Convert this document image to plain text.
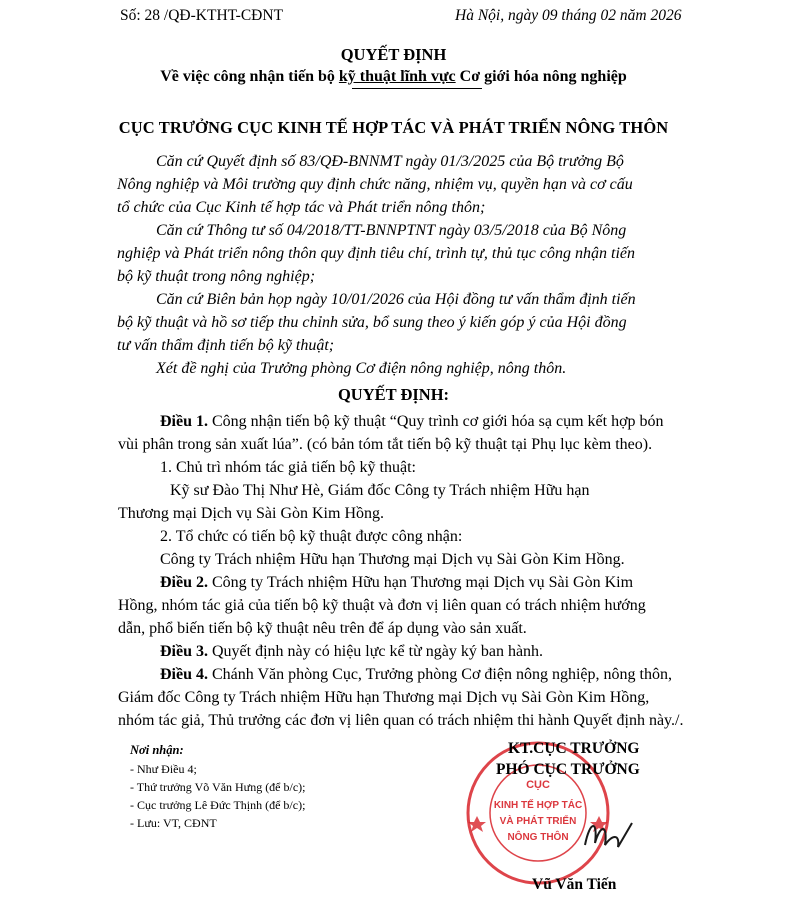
Số: 28 /QĐ-KTHT-CĐNT	Hà Nội, ngày 09 tháng 02 năm 2026
QUYẾT ĐỊNH
Về việc công nhận tiến bộ kỹ thuật lĩnh vực Cơ giới hóa nông nghiệp
CỤC TRƯỞNG CỤC KINH TẾ HỢP TÁC VÀ PHÁT TRIỂN NÔNG THÔN
Căn cứ Quyết định số 83/QĐ-BNNMT ngày 01/3/2025 của Bộ trưởng Bộ
Nông nghiệp và Môi trường quy định chức năng, nhiệm vụ, quyền hạn và cơ cấu
tổ chức của Cục Kinh tế hợp tác và Phát triển nông thôn;
Căn cứ Thông tư số 04/2018/TT-BNNPTNT ngày 03/5/2018 của Bộ Nông
nghiệp và Phát triển nông thôn quy định tiêu chí, trình tự, thủ tục công nhận tiến
bộ kỹ thuật trong nông nghiệp;
Căn cứ Biên bản họp ngày 10/01/2026 của Hội đồng tư vấn thẩm định tiến
bộ kỹ thuật và hồ sơ tiếp thu chỉnh sửa, bổ sung theo ý kiến góp ý của Hội đồng
tư vấn thẩm định tiến bộ kỹ thuật;
Xét đề nghị của Trưởng phòng Cơ điện nông nghiệp, nông thôn.
QUYẾT ĐỊNH:
Điều 1. Công nhận tiến bộ kỹ thuật “Quy trình cơ giới hóa sạ cụm kết hợp bón
vùi phân trong sản xuất lúa”. (có bản tóm tắt tiến bộ kỹ thuật tại Phụ lục kèm theo).
1. Chủ trì nhóm tác giả tiến bộ kỹ thuật:
Kỹ sư Đào Thị Như Hè, Giám đốc Công ty Trách nhiệm Hữu hạn
Thương mại Dịch vụ Sài Gòn Kim Hồng.
2. Tổ chức có tiến bộ kỹ thuật được công nhận:
Công ty Trách nhiệm Hữu hạn Thương mại Dịch vụ Sài Gòn Kim Hồng.
Điều 2. Công ty Trách nhiệm Hữu hạn Thương mại Dịch vụ Sài Gòn Kim
Hồng, nhóm tác giả của tiến bộ kỹ thuật và đơn vị liên quan có trách nhiệm hướng
dẫn, phổ biến tiến bộ kỹ thuật nêu trên để áp dụng vào sản xuất.
Điều 3. Quyết định này có hiệu lực kể từ ngày ký ban hành.
Điều 4. Chánh Văn phòng Cục, Trưởng phòng Cơ điện nông nghiệp, nông thôn,
Giám đốc Công ty Trách nhiệm Hữu hạn Thương mại Dịch vụ Sài Gòn Kim Hồng,
nhóm tác giả, Thủ trưởng các đơn vị liên quan có trách nhiệm thi hành Quyết định này./.
Nơi nhận:
- Như Điều 4;
- Thứ trưởng Võ Văn Hưng (để b/c);
- Cục trưởng Lê Đức Thịnh (để b/c);
- Lưu: VT, CĐNT
CỤC
KINH TẾ HỢP TÁC
VÀ PHÁT TRIỂN
NÔNG THÔN
KT.CỤC TRƯỞNG
PHÓ CỤC TRƯỞNG
Vũ Văn Tiến
